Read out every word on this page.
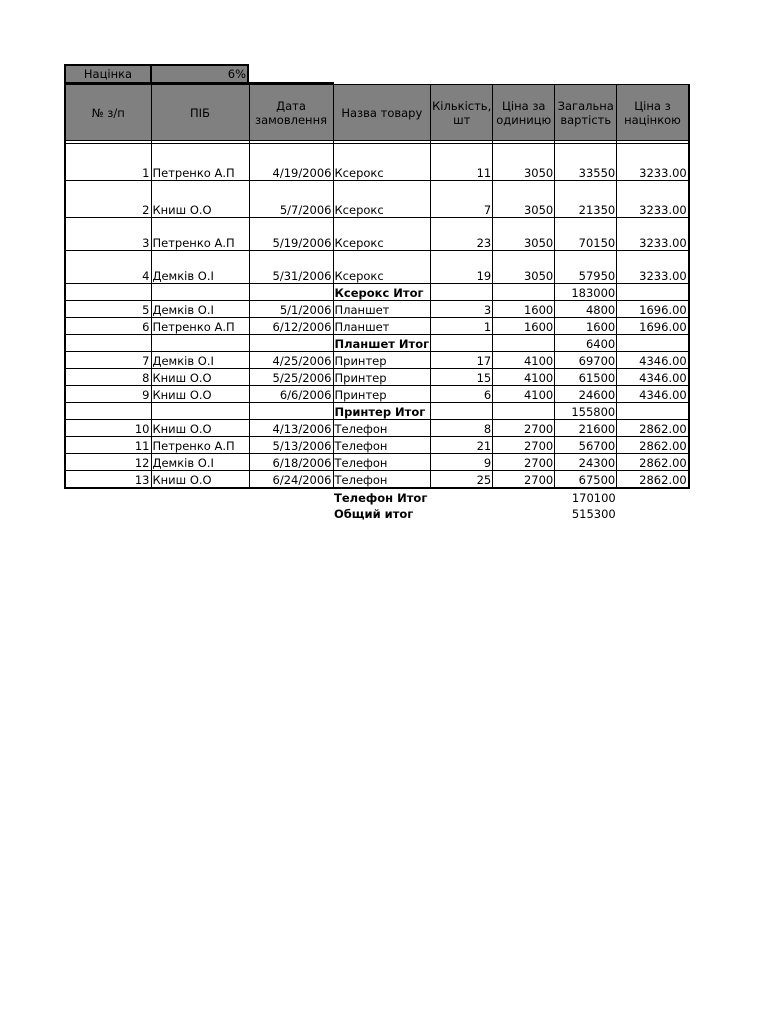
Націнка	6%	
№ з/п	ПІБ	Дата замовлення	Назва товару	Кількість, шт	Ціна за одиницю	Загальна вартість	Ціна з націнкою

1	Петренко А.П	4/19/2006	Ксерокс	11	3050	33550	3233.00
2	Книш О.О	5/7/2006	Ксерокс	7	3050	21350	3233.00
3	Петренко А.П	5/19/2006	Ксерокс	23	3050	70150	3233.00
4	Демків О.І	5/31/2006	Ксерокс	19	3050	57950	3233.00
			Ксерокс Итог			183000	
5	Демків О.І	5/1/2006	Планшет	3	1600	4800	1696.00
6	Петренко А.П	6/12/2006	Планшет	1	1600	1600	1696.00
			Планшет Итог			6400	
7	Демків О.І	4/25/2006	Принтер	17	4100	69700	4346.00
8	Книш О.О	5/25/2006	Принтер	15	4100	61500	4346.00
9	Книш О.О	6/6/2006	Принтер	6	4100	24600	4346.00
			Принтер Итог			155800	
10	Книш О.О	4/13/2006	Телефон	8	2700	21600	2862.00
11	Петренко А.П	5/13/2006	Телефон	21	2700	56700	2862.00
12	Демків О.І	6/18/2006	Телефон	9	2700	24300	2862.00
13	Книш О.О	6/24/2006	Телефон	25	2700	67500	2862.00
			Телефон Итог			170100	
			Общий итог			515300	
